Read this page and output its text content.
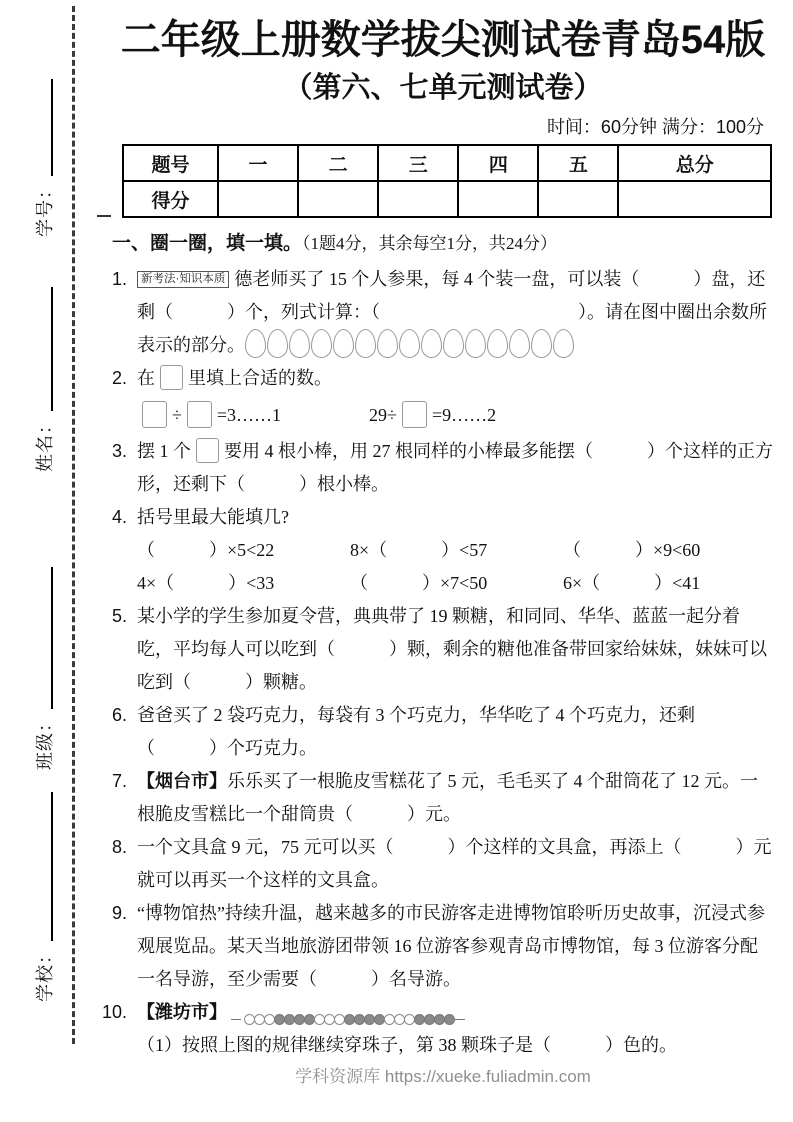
学号：
姓名：
班级：
学校：
二年级上册数学拔尖测试卷青岛54版
（第六、七单元测试卷）
时间：60分钟 满分：100分
题号	一	二	三	四	五	总分
得分						
一、圈一圈，填一填。（1题4分，其余每空1分，共24分）
1. 新考法·知识本质 德老师买了 15 个人参果，每 4 个装一盘，可以装（　　　）盘，还剩（　　　）个，列式计算：（　　　　　　　　　　　）。请在图中圈出余数所表示的部分。
2. 在 里填上合适的数。
÷ =3……1	29÷ =9……2
3. 摆 1 个 要用 4 根小棒，用 27 根同样的小棒最多能摆（　　　）个这样的正方形，还剩下（　　　）根小棒。
4. 括号里最大能填几?
（　　　）×5<22	8×（　　　）<57	（　　　）×9<60
4×（　　　）<33	（　　　）×7<50	6×（　　　）<41
5. 某小学的学生参加夏令营，典典带了 19 颗糖，和同同、华华、蓝蓝一起分着吃，平均每人可以吃到（　　　）颗，剩余的糖他准备带回家给妹妹，妹妹可以吃到（　　　）颗糖。
6. 爸爸买了 2 袋巧克力，每袋有 3 个巧克力，华华吃了 4 个巧克力，还剩（　　　）个巧克力。
7. 【烟台市】乐乐买了一根脆皮雪糕花了 5 元，毛毛买了 4 个甜筒花了 12 元。一根脆皮雪糕比一个甜筒贵（　　　）元。
8. 一个文具盒 9 元，75 元可以买（　　　）个这样的文具盒，再添上（　　　）元就可以再买一个这样的文具盒。
9. “博物馆热”持续升温，越来越多的市民游客走进博物馆聆听历史故事，沉浸式参观展览品。某天当地旅游团带领 16 位游客参观青岛市博物馆，每 3 位游客分配一名导游，至少需要（　　　）名导游。
10. 【潍坊市】
（1）按照上图的规律继续穿珠子，第 38 颗珠子是（　　　）色的。
学科资源库 https://xueke.fuliadmin.com
